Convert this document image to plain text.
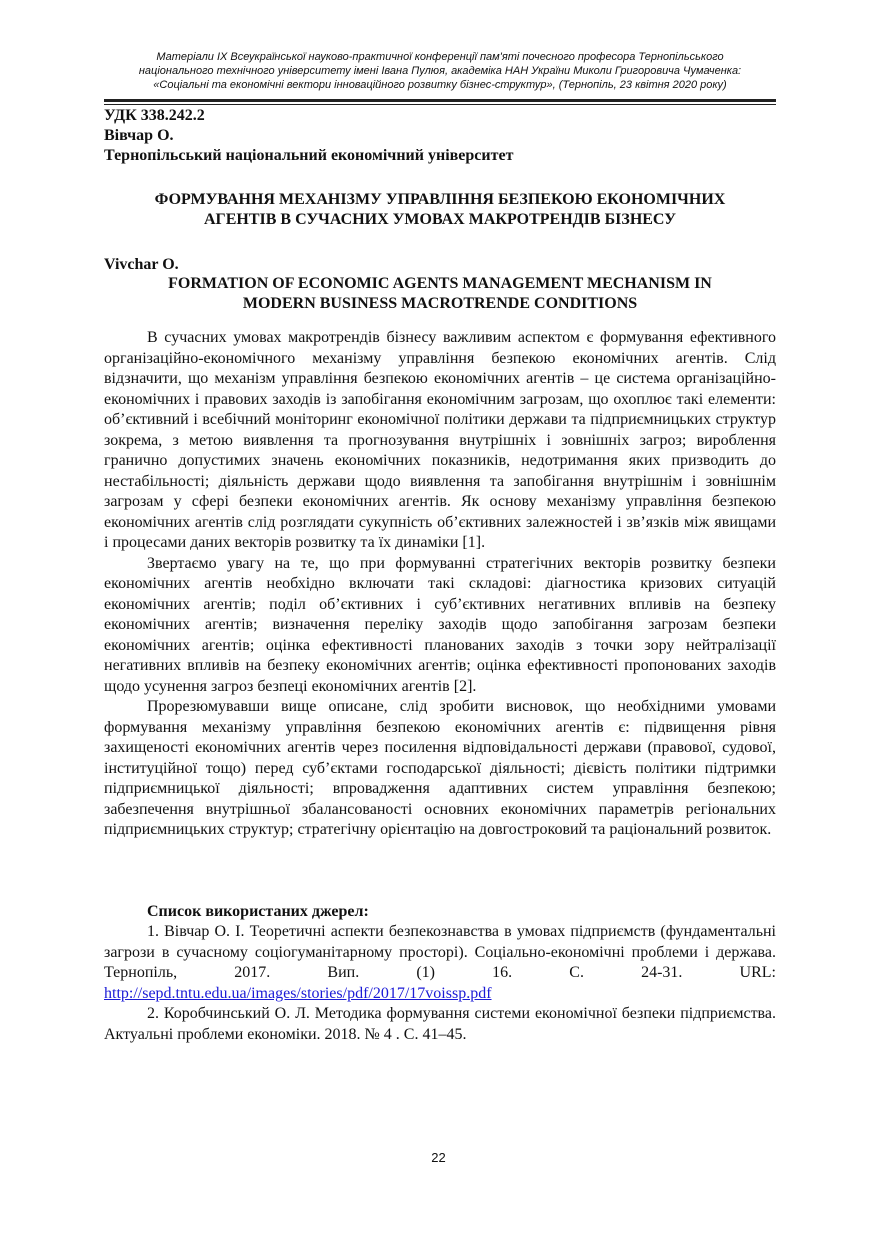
Матеріали IX Всеукраїнської науково-практичної конференції пам'яті почесного професора Тернопільського
національного технічного університету імені Івана Пулюя, академіка НАН України Миколи Григоровича Чумаченка:
«Соціальні та економічні вектори інноваційного розвитку бізнес-структур», (Тернопіль, 23 квітня 2020 року)
УДК 338.242.2
Вівчар О.
Тернопільський національний економічний університет
ФОРМУВАННЯ МЕХАНІЗМУ УПРАВЛІННЯ БЕЗПЕКОЮ ЕКОНОМІЧНИХ
АГЕНТІВ В СУЧАСНИХ УМОВАХ МАКРОТРЕНДІВ БІЗНЕСУ
Vivchar O.
FORMATION OF ECONOMIC AGENTS MANAGEMENT MECHANISM IN
MODERN BUSINESS MACROTRENDE CONDITIONS

В сучасних умовах макротрендів бізнесу важливим аспектом є формування ефективного організаційно-економічного механізму управління безпекою економічних агентів. Слід відзначити, що механізм управління безпекою економічних агентів – це система організаційно-економічних і правових заходів із запобігання економічним загрозам, що охоплює такі елементи: об’єктивний і всебічний моніторинг економічної політики держави та підприємницьких структур зокрема, з метою виявлення та прогнозування внутрішніх і зовнішніх загроз; вироблення гранично допустимих значень економічних показників, недотримання яких призводить до нестабільності; діяльність держави щодо виявлення та запобігання внутрішнім і зовнішнім загрозам у сфері безпеки економічних агентів. Як основу механізму управління безпекою економічних агентів слід розглядати сукупність об’єктивних залежностей і зв’язків між явищами і процесами даних векторів розвитку та їх динаміки [1].

Звертаємо увагу на те, що при формуванні стратегічних векторів розвитку безпеки економічних агентів необхідно включати такі складові: діагностика кризових ситуацій економічних агентів; поділ об’єктивних і суб’єктивних негативних впливів на безпеку економічних агентів; визначення переліку заходів щодо запобігання загрозам безпеки економічних агентів; оцінка ефективності планованих заходів з точки зору нейтралізації негативних впливів на безпеку економічних агентів; оцінка ефективності пропонованих заходів щодо усунення загроз безпеці економічних агентів [2].

Прорезюмувавши вище описане, слід зробити висновок, що необхідними умовами формування механізму управління безпекою економічних агентів є: підвищення рівня захищеності економічних агентів через посилення відповідальності держави (правової, судової, інституційної тощо) перед суб’єктами господарської діяльності; дієвість політики підтримки підприємницької діяльності; впровадження адаптивних систем управління безпекою; забезпечення внутрішньої збалансованості основних економічних параметрів регіональних підприємницьких структур; стратегічну орієнтацію на довгостроковий та раціональний розвиток.

Список використаних джерел:

1. Вівчар О. І. Теоретичні аспекти безпекознавства в умовах підприємств (фундаментальні загрози в сучасному соціогуманітарному просторі). Соціально-економічні проблеми і держава. Тернопіль, 2017. Вип. (1) 16. С. 24-31. URL: http://sepd.tntu.edu.ua/images/stories/pdf/2017/17voissp.pdf

2. Коробчинський О. Л. Методика формування системи економічної безпеки підприємства. Актуальні проблеми економіки. 2018. № 4 . С. 41–45.

22
